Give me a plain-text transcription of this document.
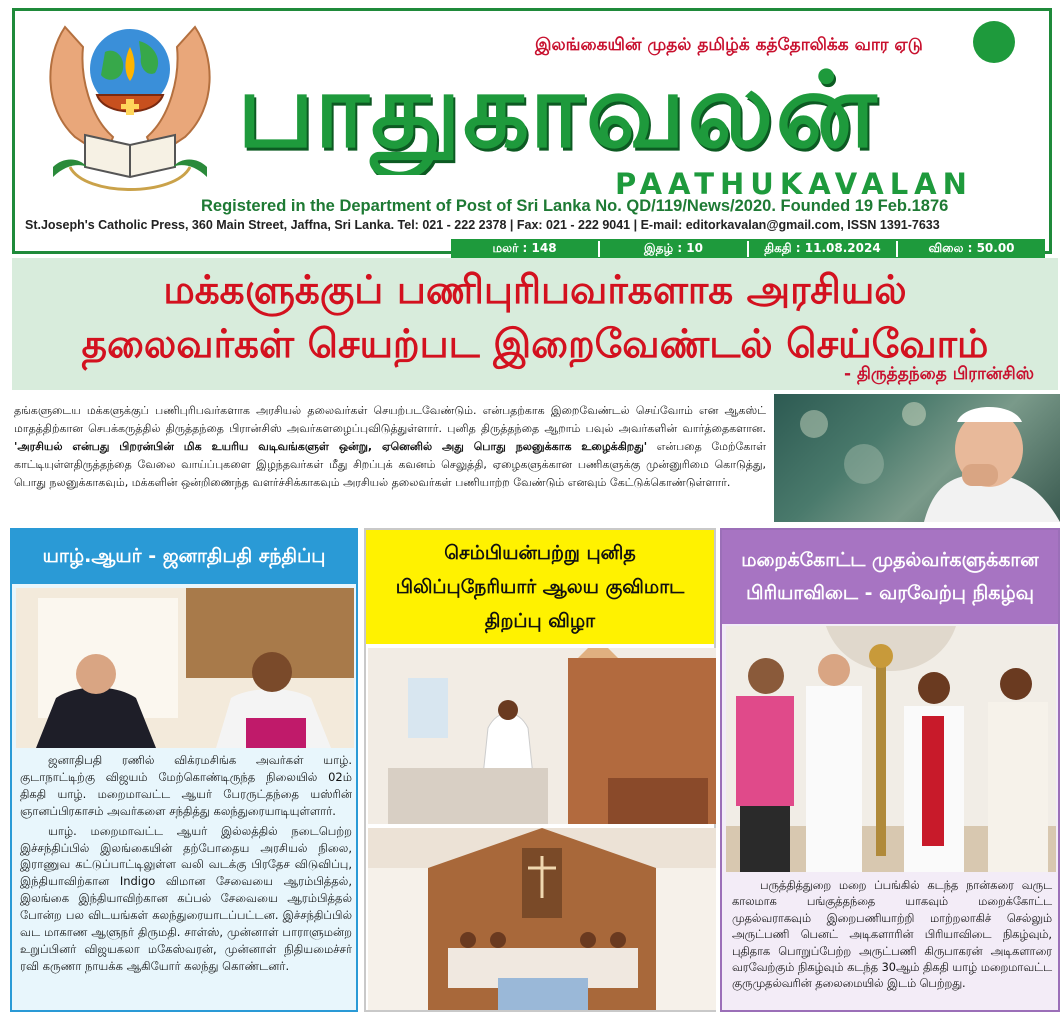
இலங்கையின் முதல் தமிழ்க் கத்தோலிக்க வார ஏடு
பாதுகாவலன்
PAATHUKAVALAN
Registered in the Department of Post of Sri Lanka No. QD/119/News/2020. Founded 19 Feb.1876
St.Joseph's Catholic Press, 360 Main Street, Jaffna, Sri Lanka. Tel: 021 - 222 2378 | Fax: 021 - 222 9041 | E-mail: editorkavalan@gmail.com, ISSN 1391-7633
மலர் : 148	இதழ் : 10	திகதி : 11.08.2024	விலை : 50.00
மக்களுக்குப் பணிபுரிபவர்களாக அரசியல்
தலைவர்கள் செயற்பட இறைவேண்டல் செய்வோம்
- திருத்தந்தை பிரான்சிஸ்
தங்களுடைய மக்களுக்குப் பணிபுரிபவர்களாக அரசியல் தலைவர்கள் செயற்படவேண்டும். என்பதற்காக இறைவேண்டல் செய்வோம் என ஆகஸ்ட் மாதத்திற்கான செபக்கருத்தில் திருத்தந்தை பிரான்சிஸ் அவர்களழைப்புவிடுத்துள்ளார். புனித திருத்தந்தை ஆறாம் பவுல் அவர்களின் வார்த்தைகளான. 'அரசியல் என்பது பிறரன்பின் மிக உயரிய வடிவங்களுள் ஒன்று, ஏனெனில் அது பொது நலனுக்காக உழைக்கிறது' என்பதை மேற்கோள் காட்டியுள்ளதிருத்தந்தை வேலை வாய்ப்புகளை இழந்தவர்கள் மீது சிறப்புக் கவனம் செலுத்தி, ஏழைகளுக்கான பணிகளுக்கு முன்னுரிமை கொடுத்து, பொது நலனுக்காகவும், மக்களின் ஒன்றிணைந்த வளர்ச்சிக்காகவும் அரசியல் தலைவர்கள் பணியாற்ற வேண்டும் எனவும் கேட்டுக்கொண்டுள்ளார்.
யாழ்.ஆயர் - ஜனாதிபதி சந்திப்பு

ஜனாதிபதி ரணில் விக்ரமசிங்க அவர்கள் யாழ். குடாநாட்டிற்கு விஜயம் மேற்கொண்டிருந்த நிலையில் 02ம் திகதி யாழ். மறைமாவட்ட ஆயர் பேரருட்தந்தை யஸ்ரின் ஞானப்பிரகாசம் அவர்களை சந்தித்து கலந்துரையாடியுள்ளார்.

யாழ். மறைமாவட்ட ஆயர் இல்லத்தில் நடைபெற்ற இச்சந்திப்பில் இலங்கையின் தற்போதைய அரசியல் நிலை, இராணுவ கட்டுப்பாட்டிலுள்ள வலி வடக்கு பிரதேச விடுவிப்பு, இந்தியாவிற்கான Indigo விமான சேவையை ஆரம்பித்தல், இலங்கை இந்தியாவிற்கான கப்பல் சேவையை ஆரம்பித்தல் போன்ற பல விடயங்கள் கலந்துரையாடப்பட்டன. இச்சந்திப்பில் வட மாகாண ஆளுநர் திருமதி. சாள்ஸ், முன்னாள் பாராளுமன்ற உறுப்பினர் விஜயகலா மகேஸ்வரன், முன்னாள் நிதியமைச்சர் ரவி கருணா நாயக்க ஆகியோர் கலந்து கொண்டனர்.

செம்பியன்பற்று புனித பிலிப்புநேரியார் ஆலய குவிமாட திறப்பு விழா
மறைக்கோட்ட முதல்வர்களுக்கான பிரியாவிடை - வரவேற்பு நிகழ்வு

பருத்தித்துறை மறை ப்பங்கில் கடந்த நான்கரை வருட காலமாக பங்குத்தந்தை யாகவும் மறைக்கோட்ட முதல்வராகவும் இறைபணியாற்றி மாற்றலாகிச் செல்லும் அருட்பணி பெனட் அடிகளாரின் பிரியாவிடை நிகழ்வும், புதிதாக பொறுப்பேற்ற அருட்பணி கிருபாகரன் அடிகளாரை வரவேற்கும் நிகழ்வும் கடந்த 30ஆம் திகதி யாழ் மறைமாவட்ட குருமுதல்வரின் தலைமையில் இடம் பெற்றது.
